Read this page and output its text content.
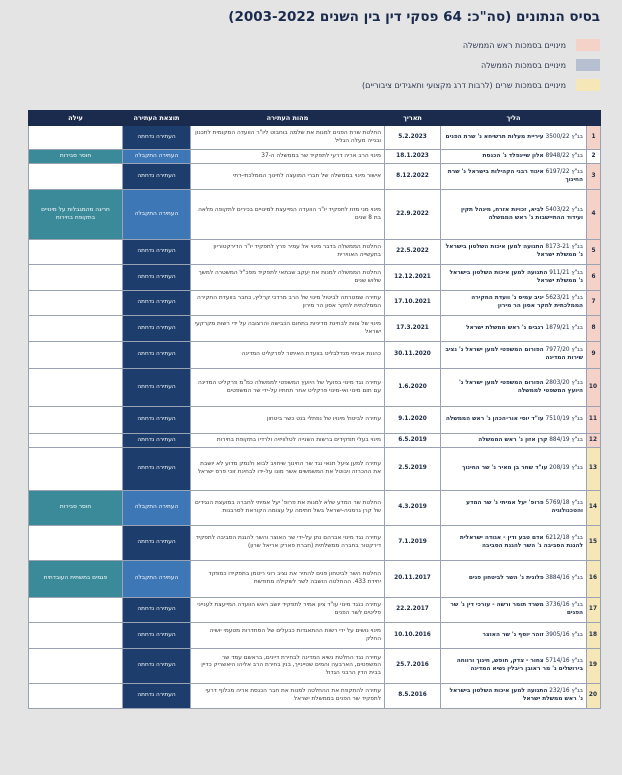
בסיס הנתונים (סה"כ: 64 פסקי דין בין השנים 2003-2022)
מינויים בסמכות ראש הממשלה
מינויים בסמכות הממשלה
מינויים בסמכות שרים (לרבות דרג מקצועי ותאגידים ציבוריים)
	הליך	תאריך	מהות העתירה	תוצאת העתירה	עילה
1	בג"ץ 3500/22 עיריית מעלות תרשיחא נ' שרת הפנים	5.2.2023	החלטת שרת הפנים למנות את שלמה בוחבוט ליו"ר הוועדה המקומית לתכנון ובנייה מעלה הגליל	העתירה נדחתה	
2	בג"ץ 8948/22 אלון שיינפלד נ' הכנסת	18.1.2023	מינוי הרב אריה דרעי לתפקיד שר בממשלה ה-37	העתירה התקבלה	חוסר סבירות
3	בג"ץ 6197/22 איגוד רבני הקהילות בישראל נ' שרת החינוך	8.12.2022	אישור מינוי בממשלה של חברי המועצה לחינוך הממלכתי-דתי	העתירה נדחתה	
4	בג"ץ 5403/22 לביא, זכויות אזרח, מינהל תקין ועידוד ההתיישבות נ' ראש הממשלה	22.9.2022	מינוי מני מזוז לתפקיד יו"ר הוועדה המייעצת למינויים בכירים לתקופה מלאה בת 8 שנים	העתירה התקבלה	חריגה מהמגבלות על מינויים בתקופת בחירות
5	בג"ץ 8173-21 התנועה למען איכות השלטון בישראל נ' ממשלת ישראל	22.5.2022	החלטת הממשלה בדבר מינוי אל עמיר פרץ לתפקיד יו"ר הדירקטוריון בתעשייה האווירית	העתירה נדחתה	
6	בג"ץ 911/21 התנועה למען איכות השלטון בישראל נ' ממשלת ישראל	12.12.2021	החלטת הממשלה למנות את יעקב שבתאי לתפקיד מפכ"ל המשטרה למשך שלוש שנים	העתירה נדחתה	
7	בג"ץ 5623/21 יניב עמיס נ' וועדת החקירה הממלכתית לחקר אסון הר מירון	17.10.2021	עתירה שמטרתה לביטול מינוי של הרב מרדכי קרליץ, כחבר בוועדת החקירה הממלכתית לחקר אסון הר מירון	העתירה נדחתה	
8	בג"ץ 1879/21 רגבים נ' ראש ממשלת ישראל	17.3.2021	מינוי של צוות לבחינת מדיניות בתחום הכבישה והרצובה על ידי רשות מקרקעי ישראל	העתירה נדחתה	
9	בג"ץ 7977/20 הפורום המשפטי למען ישראל נ' נציב שירות המדינה	30.11.2020	כהונת אביחי מנדלבליט בוועדת האיתור לפרקליט המדינה	העתירה נדחתה	
10	בג"ץ 2803/20 הפורום המשפטי למען ישראל נ' היועץ המשפטי לממשלה	1.6.2020	עתירה נגד מינוי בפועל של היועץ המשפטי לממשלה כמ"מ פרקליט המדינה עם תום מינוי ואי-מינוי פרקליט אחר תחתיו על-ידי שר המשפטים	העתירה נדחתה	
11	בג"ץ 7510/19 עו"ד יוסי אור-הכהן נ' ראש הממשלה	9.1.2020	עתירה לביטול מינויו של נפתלי בנט כשר ביטחון	העתירה נדחתה	
12	בג"ץ 884/19 קרן אזון נ' ראש הממשלה	6.5.2019	מינוי בעלי תפקידים ברשות השנייה לטלוויזיה ולרדיו בתקופת בחירות	העתירה נדחתה	
13	בג"ץ 208/19 עו"ד שחר בן מאיר נ' שר החינוך	2.5.2019	עתירה למען ציעל תנאי נגד שר החינוך שיחויב לבוא ולנמק מדוע לא יושבת את ההכרזה ויבוטל את המשמשים אשר מונו על-ידו לבחינת זוכי פרס ישראל	העתירה נדחתה	
14	בג"ץ 5769/18 פרופ' יעל אמיתי נ' שר המדע והטכנולוגיה	4.3.2019	החלטת שר המדע שלא למנות את פרופ' יעל אמיתי לחברה במועצת הנגידים של קרן גרמניה-ישראל בשל חתימה על עצומה הקוראת לסרבנות	העתירה התקבלה	חוסר סבירות
15	בג"ץ 6212/18 אדם טבע ודין - אגודה ישראלית להגנת הסביבה נ' השר להגנת הסביבה	7.1.2019	עתירה נגד מינוי אברהם נתן על-ידי שר האוצר והשר להגנת הסביבה לתפקיד דירקטור בחברה ממשלתית (חברת פארק אריאל שרון)	העתירה נדחתה	
16	בג"ץ 3884/16 פלונית נ' השר לביטחון פנים	20.11.2017	החלטת השר לביטחון פנים להתיר את נציב רוני ריטמן בתפקידו כמפקד יחידת 433. ההחלטה הושבה לשר לשקילה מחודשת	העתירה התקבלה	פגמים בתשתית העובדתית
17	בג"ץ 3736/16 משרד תומר ורשה - עורכי דין נ' שר הפנים	22.2.2017	עתירה כנגד מינוי עו"ד ציון אמיר לתפקיד יושב ראש הוועדה המייעצת לענייני פליטים לשר הפנים	העתירה נדחתה	
18	בג"ץ 3905/16 זוהר יוסף נ' שר האוצר	10.10.2016	מינוי נושים על ידי רשות ההתאגדות כבעלים של הסתדרות מטעמי יושיה החלק	העתירה נדחתה	
19	בג"ץ 5714/16 צחור - צדק, חופש, חינוך ורווחה בירושלים נ' מר ראובן ריבלין נשיא המדינה	25.7.2016	עתירה נגד החלטת נשיא המדינה לבחירת דיינים, בראשם עמד שר המשפטים, הארבעה והמים שטיינייך, בנין בחירת הרב אליהו היאשריק כדיין בבית הדין הרבני הגדול	העתירה נדחתה	
20	בג"ץ 232/16 התנועה למען איכות השלטון בישראל נ' ראש ממשלת ישראל	8.5.2016	עתירה להתקפת את ההחלטה למנות את חבר הכנסת אריה מכלוף דרעי לתפקיד שר הפנים בממשלת ישראל	העתירה נדחתה	
